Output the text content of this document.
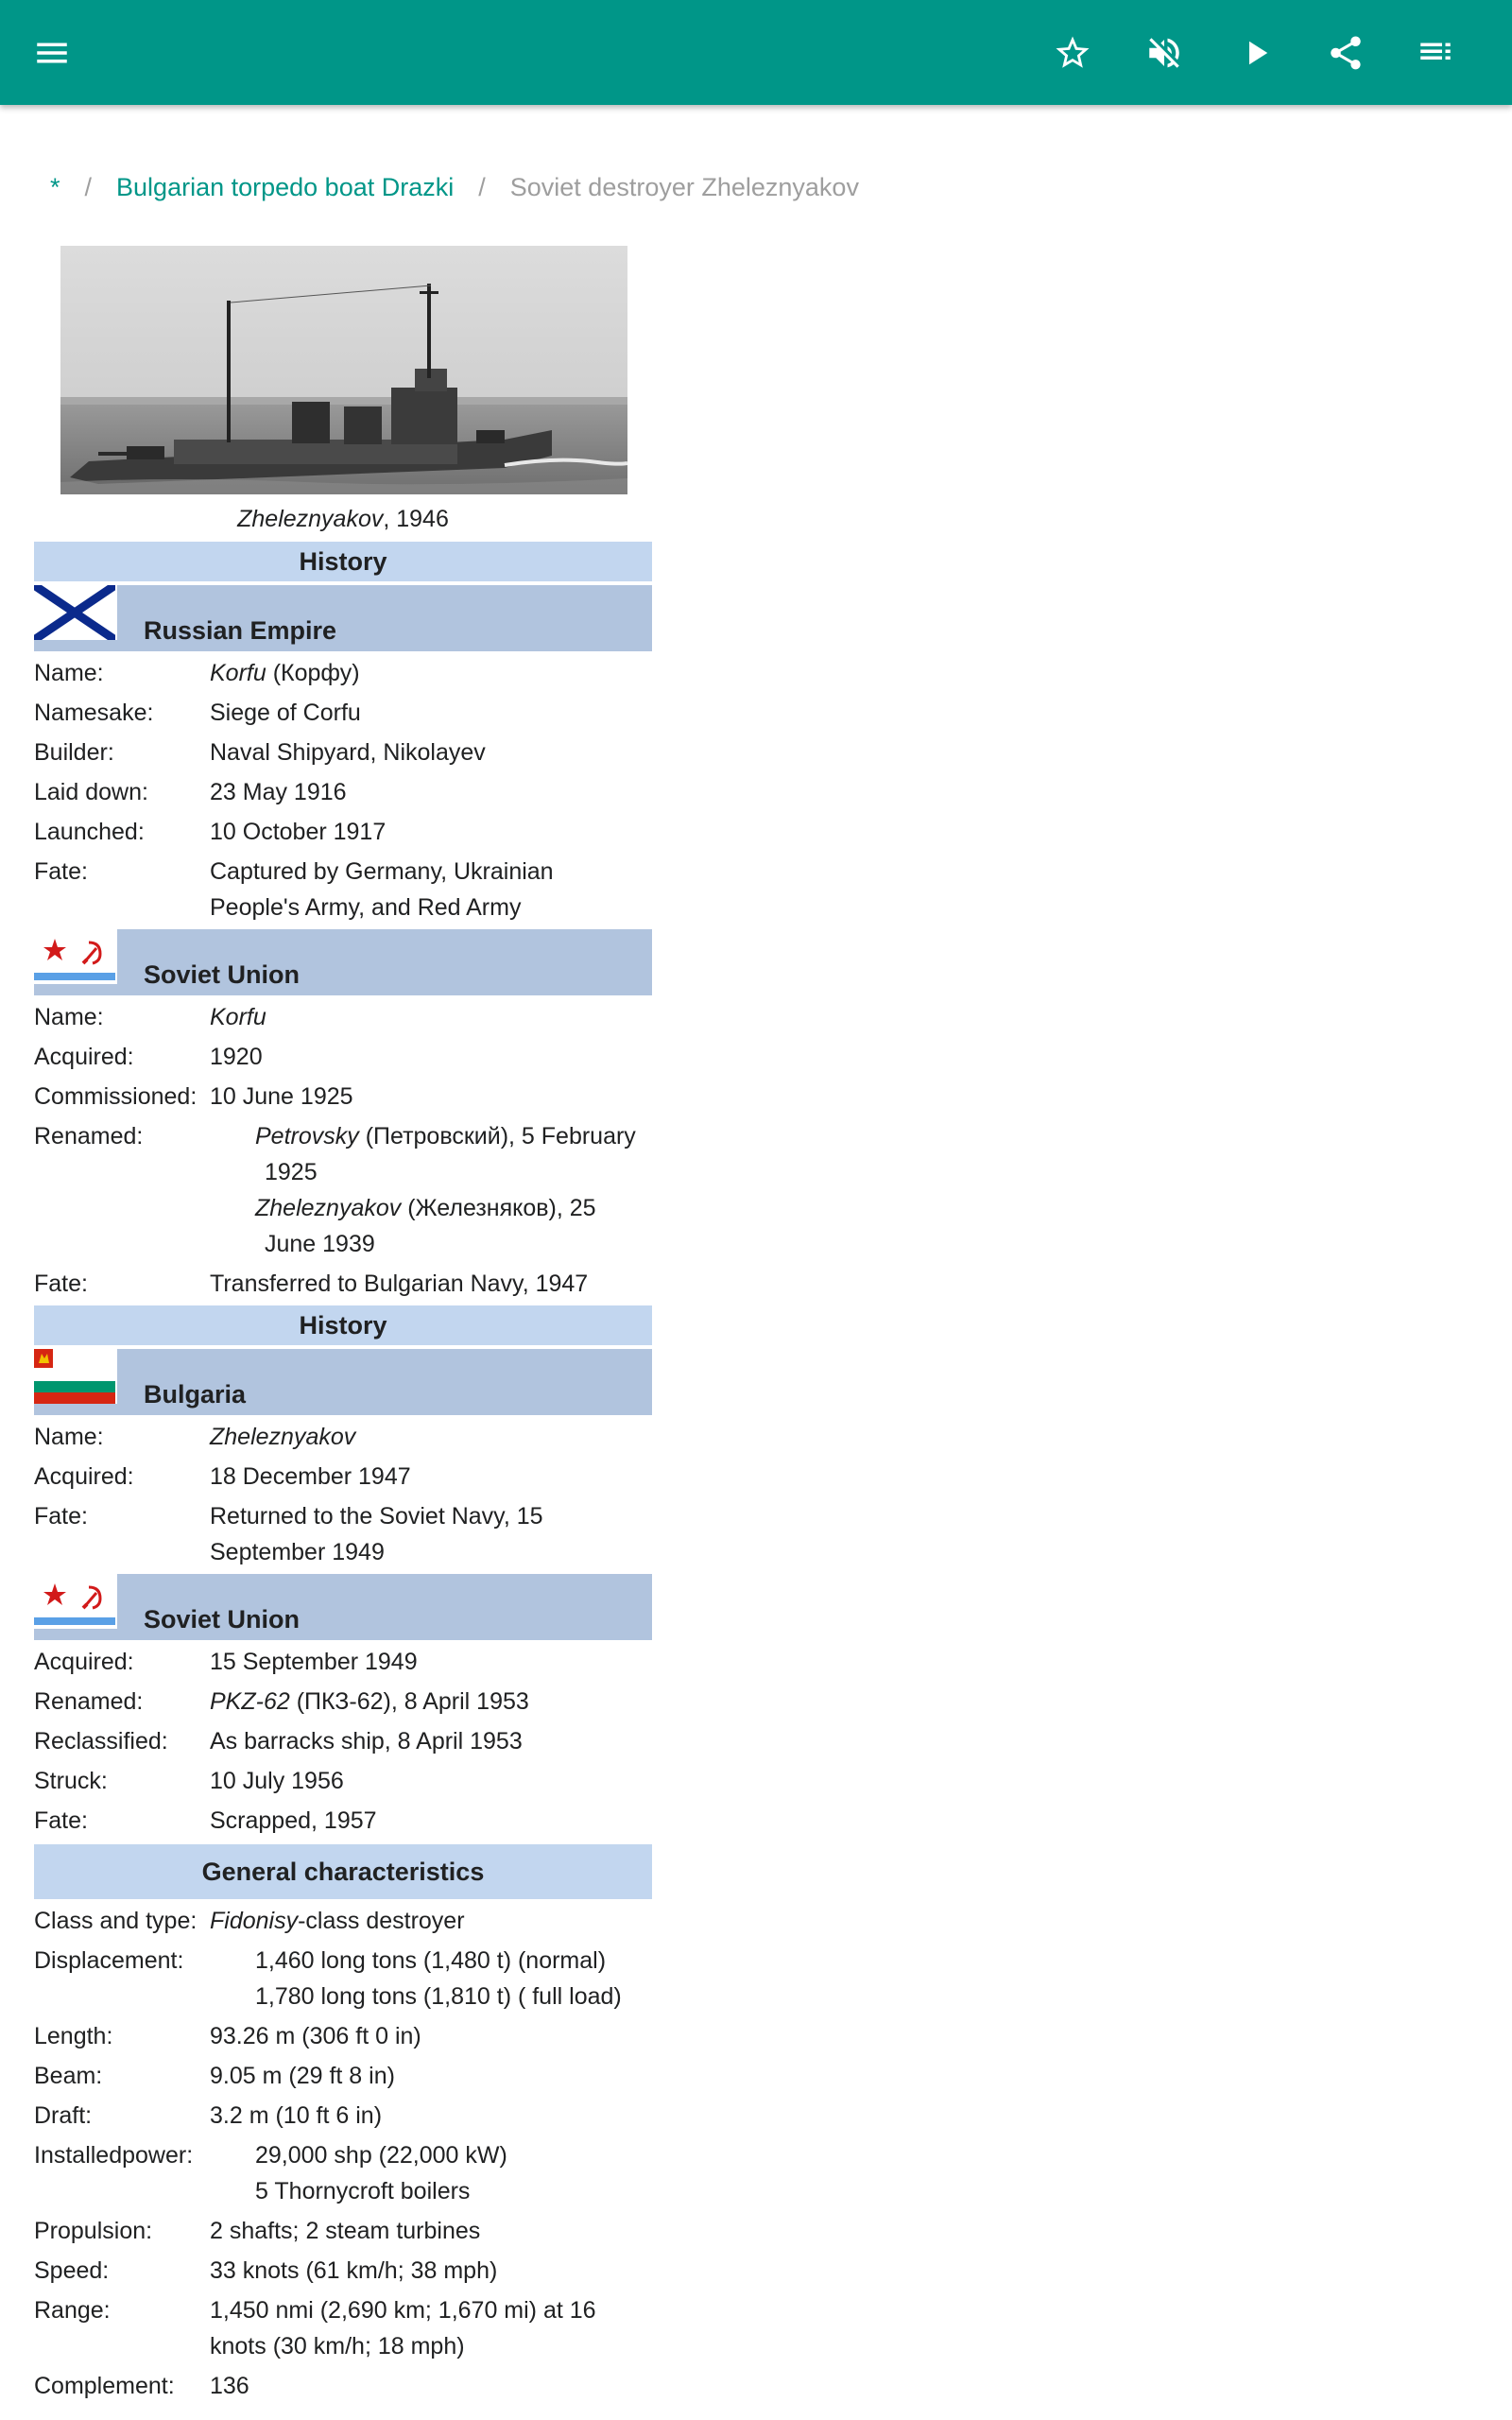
* / Bulgarian torpedo boat Drazki / Soviet destroyer Zheleznyakov
Zheleznyakov, 1946
History
Russian Empire
Name:	Korfu (Корфу)
Namesake:	Siege of Corfu
Builder:	Naval Shipyard, Nikolayev
Laid down:	23 May 1916
Launched:	10 October 1917
Fate:	Captured by Germany, Ukrainian
People's Army, and Red Army
Soviet Union
Name:	Korfu
Acquired:	1920
Commissioned: 10 June 1925
Renamed:	Petrovsky (Петровский), 5 February
1925
Zheleznyakov (Железняков), 25
June 1939
Fate:	Transferred to Bulgarian Navy, 1947
History
Bulgaria
Name:	Zheleznyakov
Acquired:	18 December 1947
Fate:	Returned to the Soviet Navy, 15
September 1949
Soviet Union
Acquired:	15 September 1949
Renamed:	PKZ-62 (ПКЗ-62), 8 April 1953
Reclassified:	As barracks ship, 8 April 1953
Struck:	10 July 1956
Fate:	Scrapped, 1957
General characteristics
Class and type: Fidonisy-class destroyer
Displacement:	1,460 long tons (1,480 t) (normal)
1,780 long tons (1,810 t) ( full load)
Length:	93.26 m (306 ft 0 in)
Beam:	9.05 m (29 ft 8 in)
Draft:	3.2 m (10 ft 6 in)
Installedpower:	29,000 shp (22,000 kW)
5 Thornycroft boilers
Propulsion:	2 shafts; 2 steam turbines
Speed:	33 knots (61 km/h; 38 mph)
Range:	1,450 nmi (2,690 km; 1,670 mi) at 16
knots (30 km/h; 18 mph)
Complement:	136
